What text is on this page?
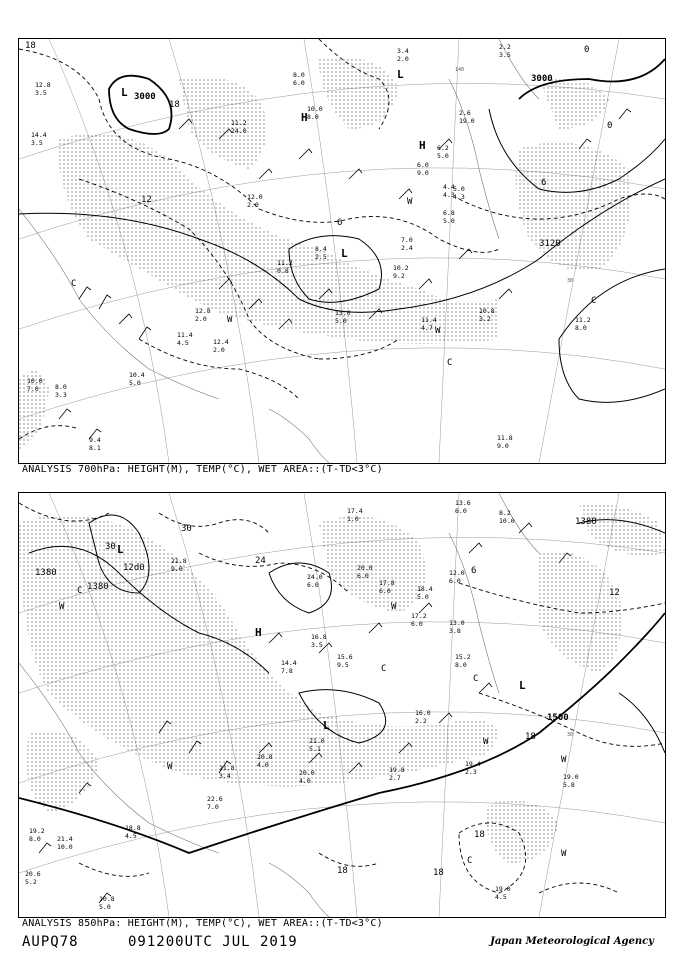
3000
3000
3120
18
18
12
6
6
0
0
L
L
L
H
H
W
W
W
C
C
C
140
30
11.8
9.0
11.2
8.0
10.8
3.2
11.4
4.7
10.4
5.0
9.4
8.1
10.0
7.0	8.0
3.3
12.4
2.0
11.4
4.5
12.8
2.0
13.0
5.0
10.2
9.2
7.0
2.4
6.8
5.0
4.4
4.3
5.0
4.3
6.0
9.0
6.2
5.0
2.6
19.0
3.4
2.0
2.2
3.5
8.0
6.0
10.0
8.0
11.2
24.0
12.8
3.5
14.4
3.5
11.2
0.8
8.4
2.5
12.0
2.0
ANALYSIS 700hPa: HEIGHT(M), TEMP(°C), WET AREA::(T-TD<3°C)
1380
1380
1380
1500
30
30
24
18
18
18	18
12
6
12d0
L
L
L
H
W	W
W
W
W
W
C
C
C
C
30
19.0
4.5
19.0
5.8
19.4
2.3
19.8
2.7
18.8
4.5
19.2
8.0	21.4
10.0
20.6
5.2
10.8
5.0
22.6
7.0
21.8
3.4
20.8
4.0
21.0
5.1
16.0
2.2
15.2
8.0
13.0
3.8
12.0
6.0
13.6
6.0	8.2
10.0
17.2
6.0
20.0
6.0
16.8
3.5
17.8
6.0
15.6
9.5
14.4
7.8
24.0
6.0
17.4
1.0
21.8
9.0
18.4
5.0
20.0
4.0
ANALYSIS 850hPa: HEIGHT(M), TEMP(°C), WET AREA::(T-TD<3°C)
AUPQ78	091200UTC JUL 2019	Japan Meteorological Agency
